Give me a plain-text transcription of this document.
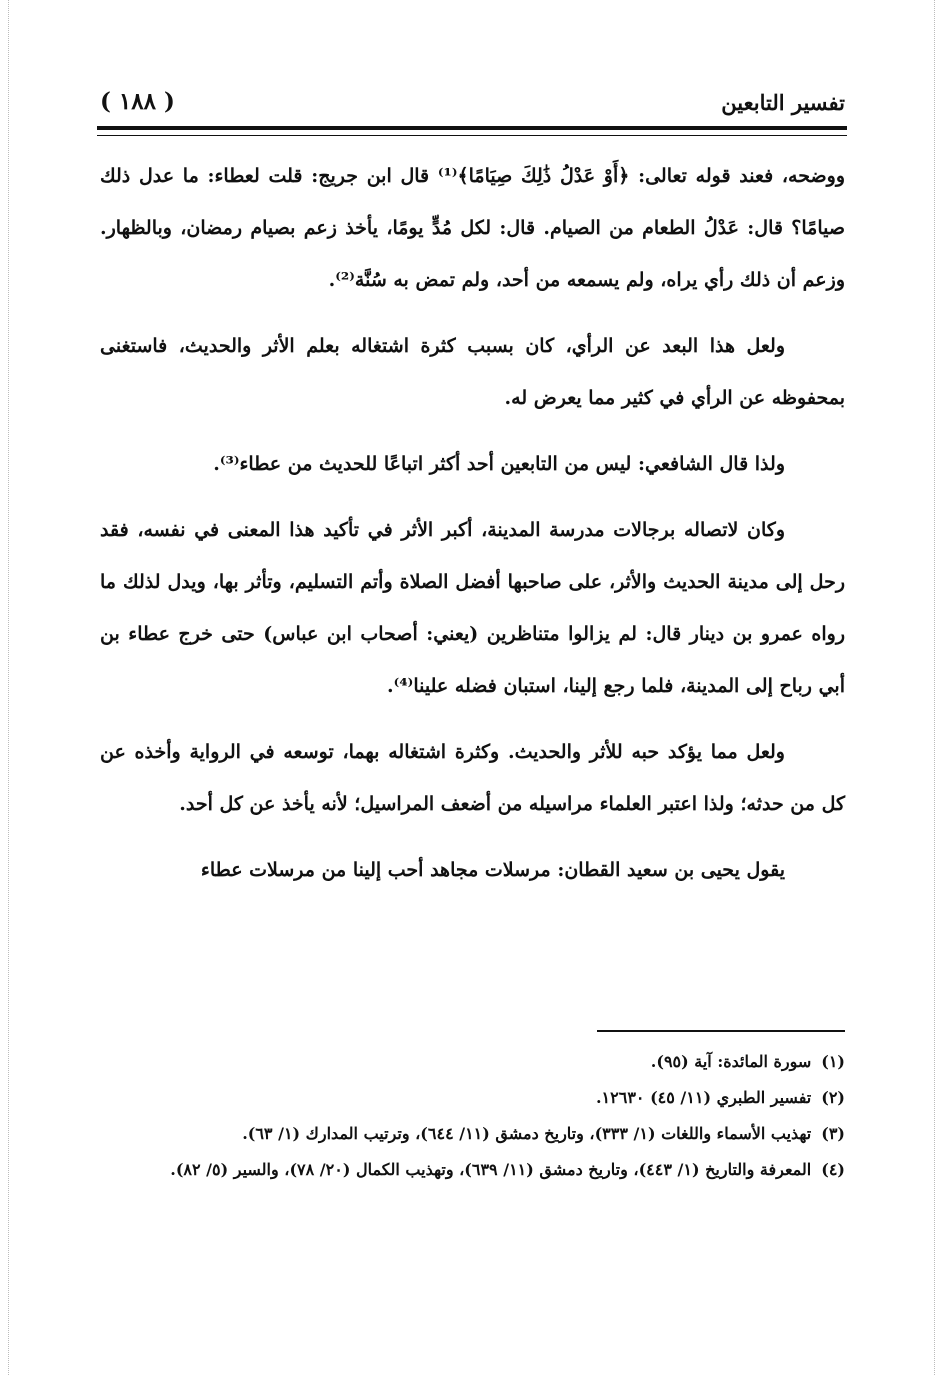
تفسير التابعين
( ١٨٨ )

ووضحه، فعند قوله تعالى: ﴿أَوْ عَدْلُ ذَٰلِكَ صِيَامًا﴾⁽¹⁾ قال ابن جريج: قلت لعطاء: ما عدل ذلك صيامًا؟ قال: عَدْلُ الطعام من الصيام. قال: لكل مُدٍّ يومًا، يأخذ زعم بصيام رمضان، وبالظهار. وزعم أن ذلك رأي يراه، ولم يسمعه من أحد، ولم تمض به سُنَّة⁽²⁾.

ولعل هذا البعد عن الرأي، كان بسبب كثرة اشتغاله بعلم الأثر والحديث، فاستغنى بمحفوظه عن الرأي في كثير مما يعرض له.

ولذا قال الشافعي: ليس من التابعين أحد أكثر اتباعًا للحديث من عطاء⁽³⁾.

وكان لاتصاله برجالات مدرسة المدينة، أكبر الأثر في تأكيد هذا المعنى في نفسه، فقد رحل إلى مدينة الحديث والأثر، على صاحبها أفضل الصلاة وأتم التسليم، وتأثر بها، ويدل لذلك ما رواه عمرو بن دينار قال: لم يزالوا متناظرين (يعني: أصحاب ابن عباس) حتى خرج عطاء بن أبي رباح إلى المدينة، فلما رجع إلينا، استبان فضله علينا⁽⁴⁾.

ولعل مما يؤكد حبه للأثر والحديث. وكثرة اشتغاله بهما، توسعه في الرواية وأخذه عن كل من حدثه؛ ولذا اعتبر العلماء مراسيله من أضعف المراسيل؛ لأنه يأخذ عن كل أحد.

يقول يحيى بن سعيد القطان: مرسلات مجاهد أحب إلينا من مرسلات عطاء

(١)سورة المائدة: آية (٩٥).
(٢)تفسير الطبري (١١/ ٤٥) ١٢٦٣٠.
(٣)تهذيب الأسماء واللغات (١/ ٣٣٣)، وتاريخ دمشق (١١/ ٦٤٤)، وترتيب المدارك (١/ ٦٣).
(٤)المعرفة والتاريخ (١/ ٤٤٣)، وتاريخ دمشق (١١/ ٦٣٩)، وتهذيب الكمال (٢٠/ ٧٨)، والسير (٥/ ٨٢).
